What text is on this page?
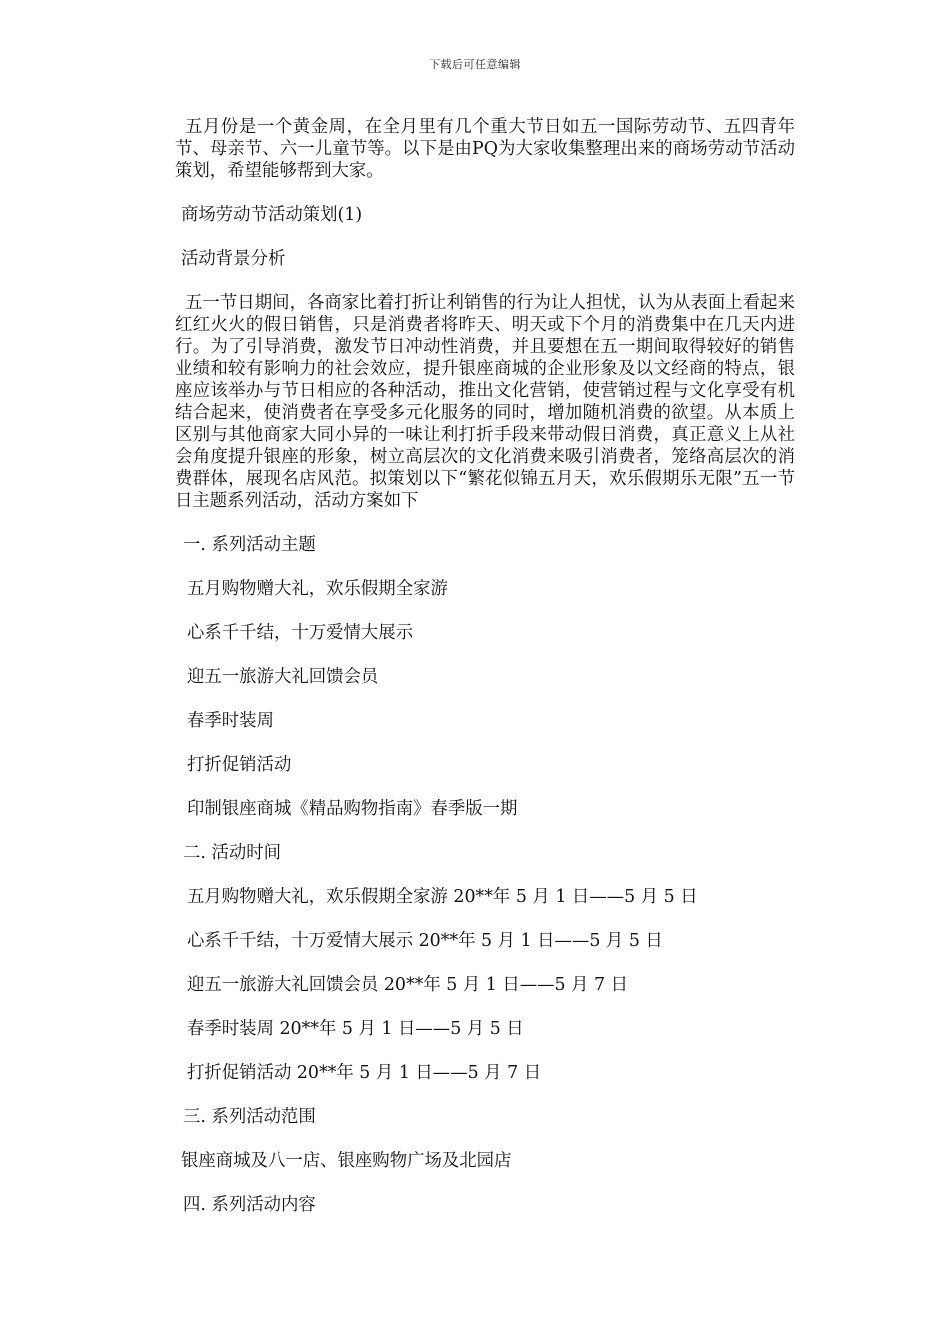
下载后可任意编辑

五月份是一个黄金周，在全月里有几个重大节日如五一国际劳动节、五四青年节、母亲节、六一儿童节等。以下是由PQ为大家收集整理出来的商场劳动节活动策划，希望能够帮到大家。

商场劳动节活动策划(1)

活动背景分析

五一节日期间，各商家比着打折让利销售的行为让人担忧，认为从表面上看起来红红火火的假日销售，只是消费者将昨天、明天或下个月的消费集中在几天内进行。为了引导消费，激发节日冲动性消费，并且要想在五一期间取得较好的销售业绩和较有影响力的社会效应，提升银座商城的企业形象及以文经商的特点，银座应该举办与节日相应的各种活动，推出文化营销，使营销过程与文化享受有机结合起来，使消费者在享受多元化服务的同时，增加随机消费的欲望。从本质上区别与其他商家大同小异的一味让利打折手段来带动假日消费，真正意义上从社会角度提升银座的形象，树立高层次的文化消费来吸引消费者，笼络高层次的消费群体，展现名店风范。拟策划以下“繁花似锦五月天，欢乐假期乐无限”五一节日主题系列活动，活动方案如下

一. 系列活动主题

五月购物赠大礼，欢乐假期全家游

心系千千结，十万爱情大展示

迎五一旅游大礼回馈会员

春季时装周

打折促销活动

印制银座商城《精品购物指南》春季版一期

二. 活动时间

五月购物赠大礼，欢乐假期全家游 20**年 5 月 1 日——5 月 5 日

心系千千结，十万爱情大展示 20**年 5 月 1 日——5 月 5 日

迎五一旅游大礼回馈会员 20**年 5 月 1 日——5 月 7 日

春季时装周 20**年 5 月 1 日——5 月 5 日

打折促销活动 20**年 5 月 1 日——5 月 7 日

三. 系列活动范围

银座商城及八一店、银座购物广场及北园店

四. 系列活动内容
